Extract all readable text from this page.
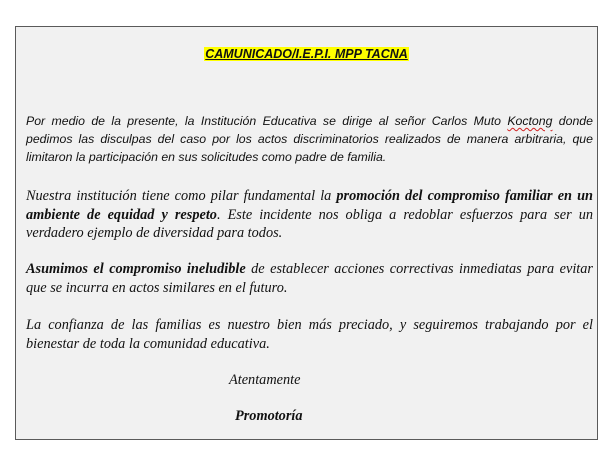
CAMUNICADO/I.E.P.I. MPP TACNA
Por medio de la presente, la Institución Educativa se dirige al señor Carlos Muto Koctong donde pedimos las disculpas del caso por los actos discriminatorios realizados de manera arbitraria, que limitaron la participación en sus solicitudes como padre de familia.
Nuestra institución tiene como pilar fundamental la promoción del compromiso familiar en un ambiente de equidad y respeto. Este incidente nos obliga a redoblar esfuerzos para ser un verdadero ejemplo de diversidad para todos.
Asumimos el compromiso ineludible de establecer acciones correctivas inmediatas para evitar que se incurra en actos similares en el futuro.
La confianza de las familias es nuestro bien más preciado, y seguiremos trabajando por el bienestar de toda la comunidad educativa.
Atentamente
Promotoría
